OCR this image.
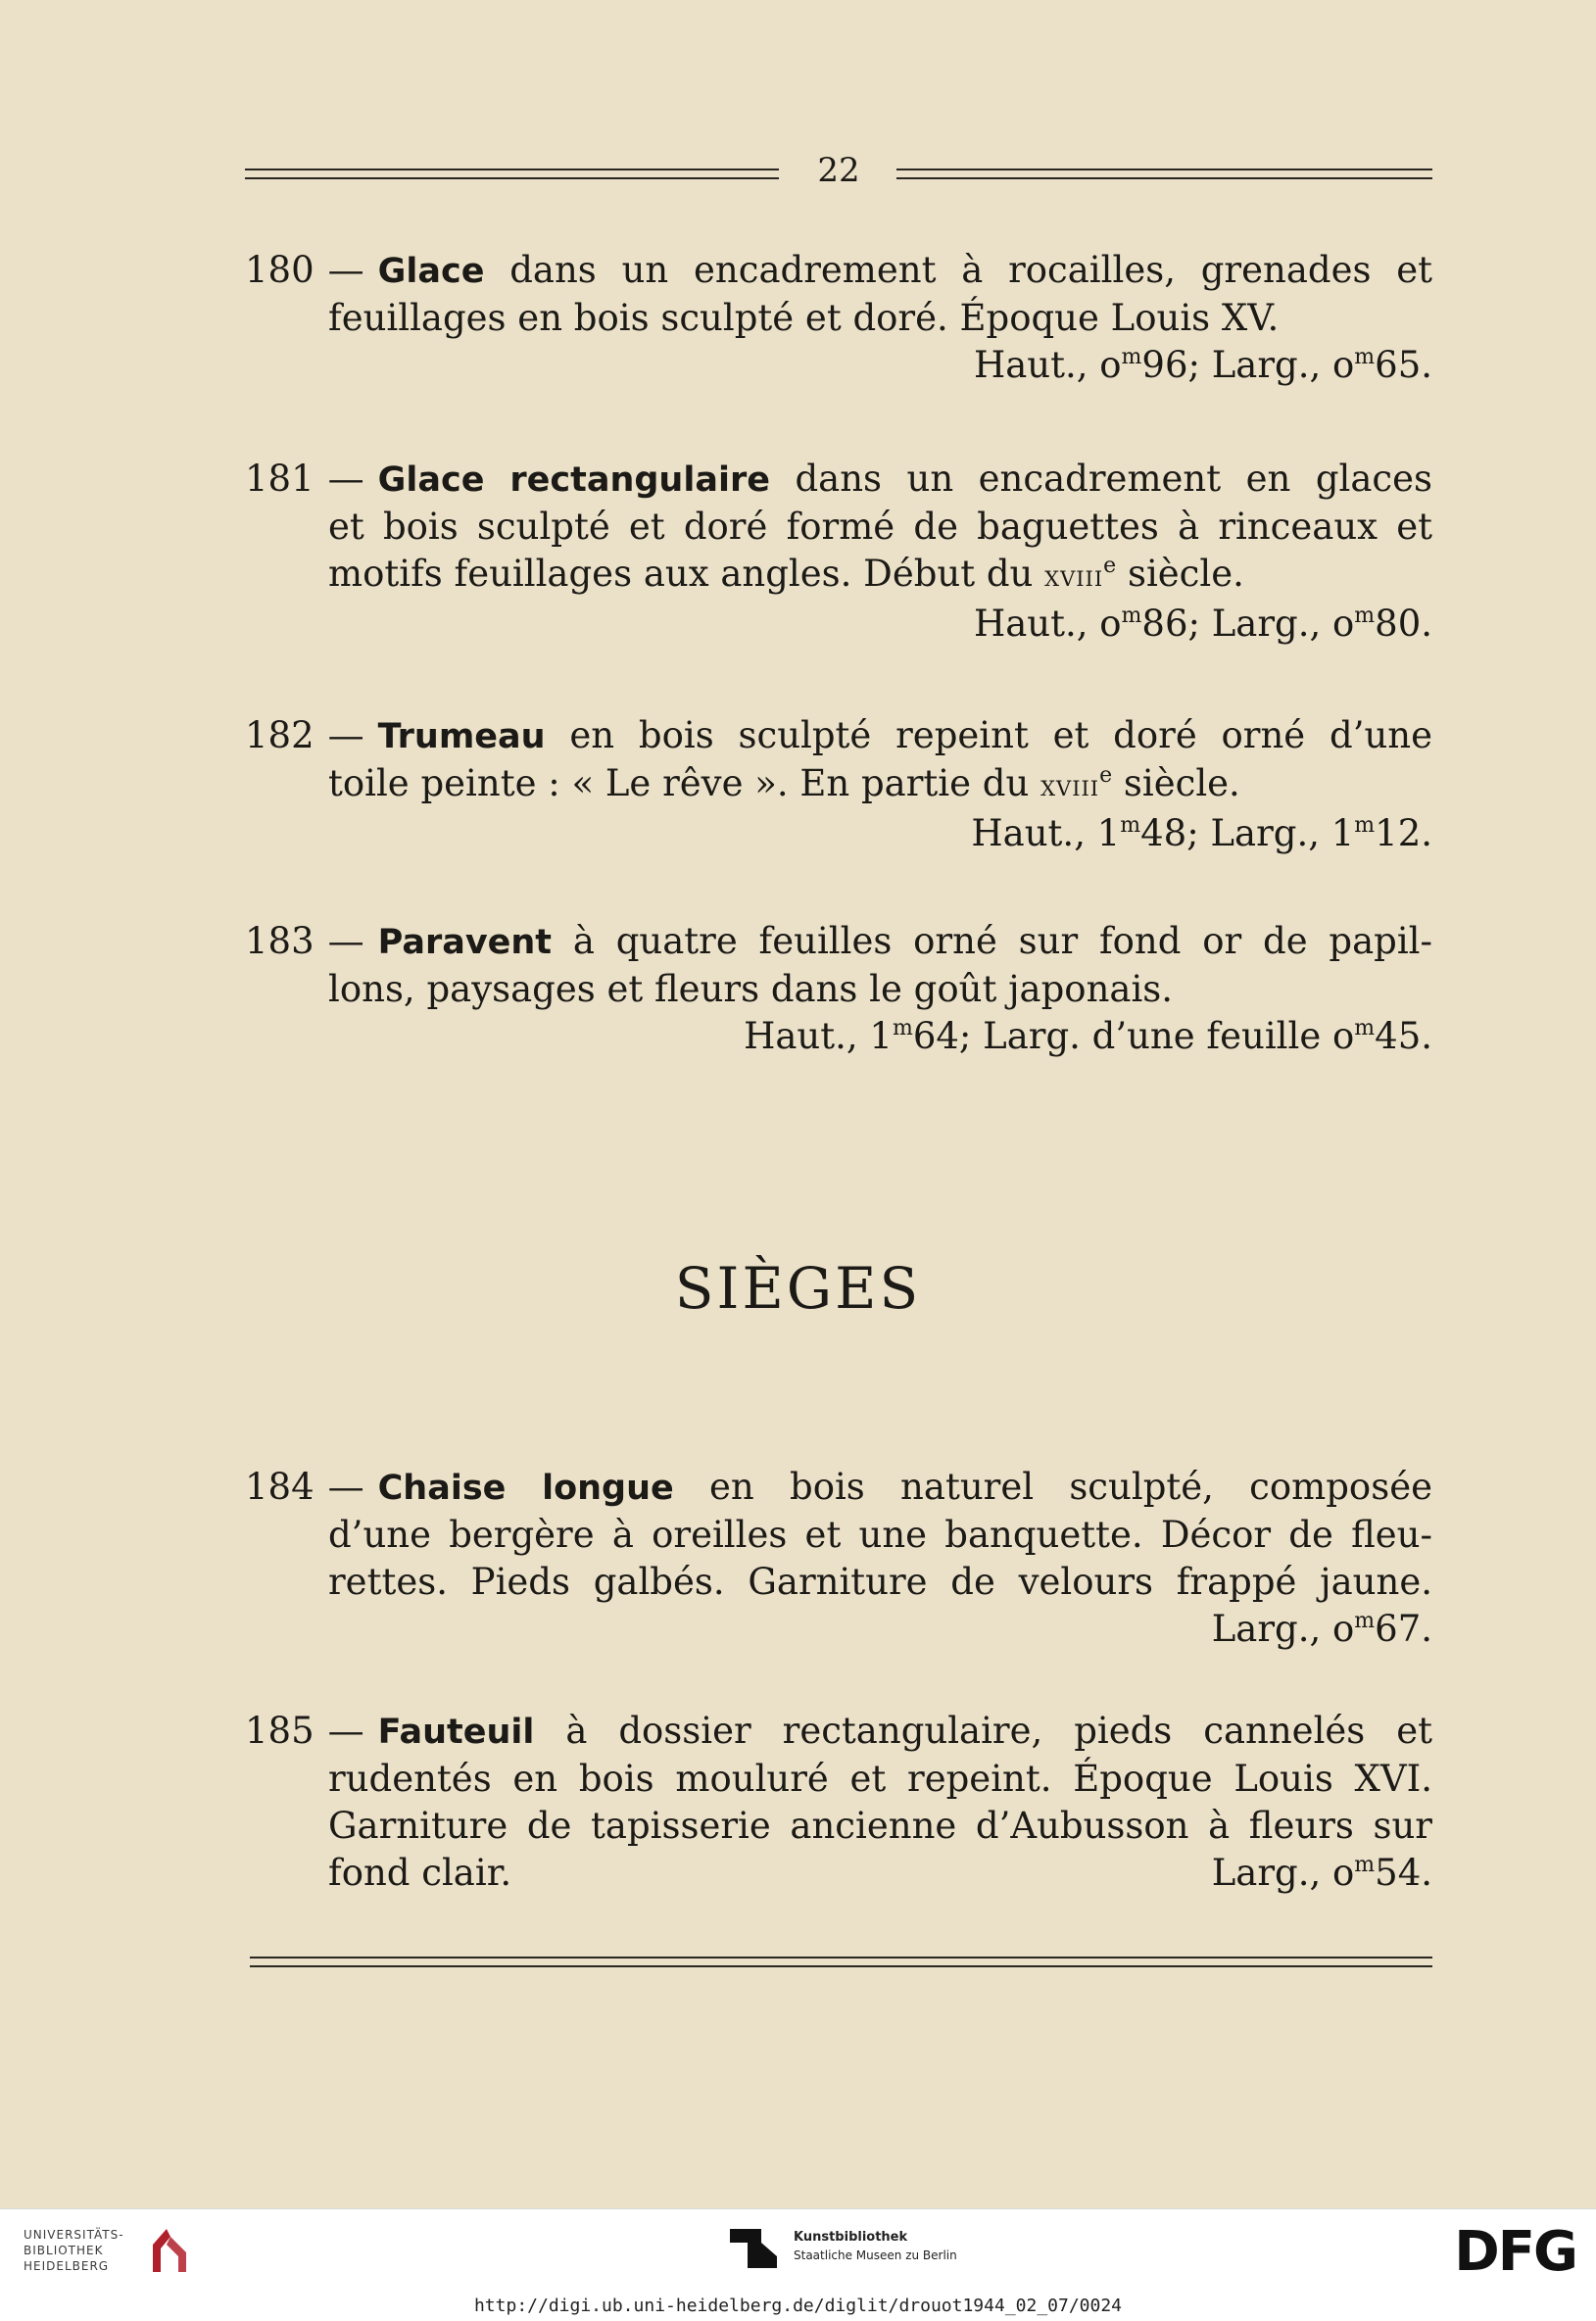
22
180 — Glace dans un encadrement à rocailles, grenades et
feuillages en bois sculpté et doré. Époque Louis XV.
Haut., $o^m96$; Larg., $o^m65$.
181 — Glace rectangulaire dans un encadrement en glaces
et bois sculpté et doré formé de baguettes à rinceaux et
motifs feuillages aux angles. Début du xviii$^e$ siècle.
Haut., $o^m86$; Larg., $o^m80$.
182 — Trumeau en bois sculpté repeint et doré orné d’une
toile peinte : « Le rêve ». En partie du xviii$^e$ siècle.
Haut., 1$^m$48; Larg., 1$^m$12.
183 — Paravent à quatre feuilles orné sur fond or de papil-
lons, paysages et fleurs dans le goût japonais.
Haut., 1$^m$64; Larg. d’une feuille $o^m45$.
SIÈGES
184 — Chaise longue en bois naturel sculpté, composée
d’une bergère à oreilles et une banquette. Décor de fleu-
rettes. Pieds galbés. Garniture de velours frappé jaune.
Larg., $o^m67$.
185 — Fauteuil à dossier rectangulaire, pieds cannelés et
rudentés en bois mouluré et repeint. Époque Louis XVI.
Garniture de tapisserie ancienne d’Aubusson à fleurs sur
fond clair.	Larg., $o^m54$.
UNIVERSITÄTS-
BIBLIOTHEK
HEIDELBERG
Kunstbibliothek
Staatliche Museen zu Berlin	DFG
http://digi.ub.uni-heidelberg.de/diglit/drouot1944_02_07/0024
